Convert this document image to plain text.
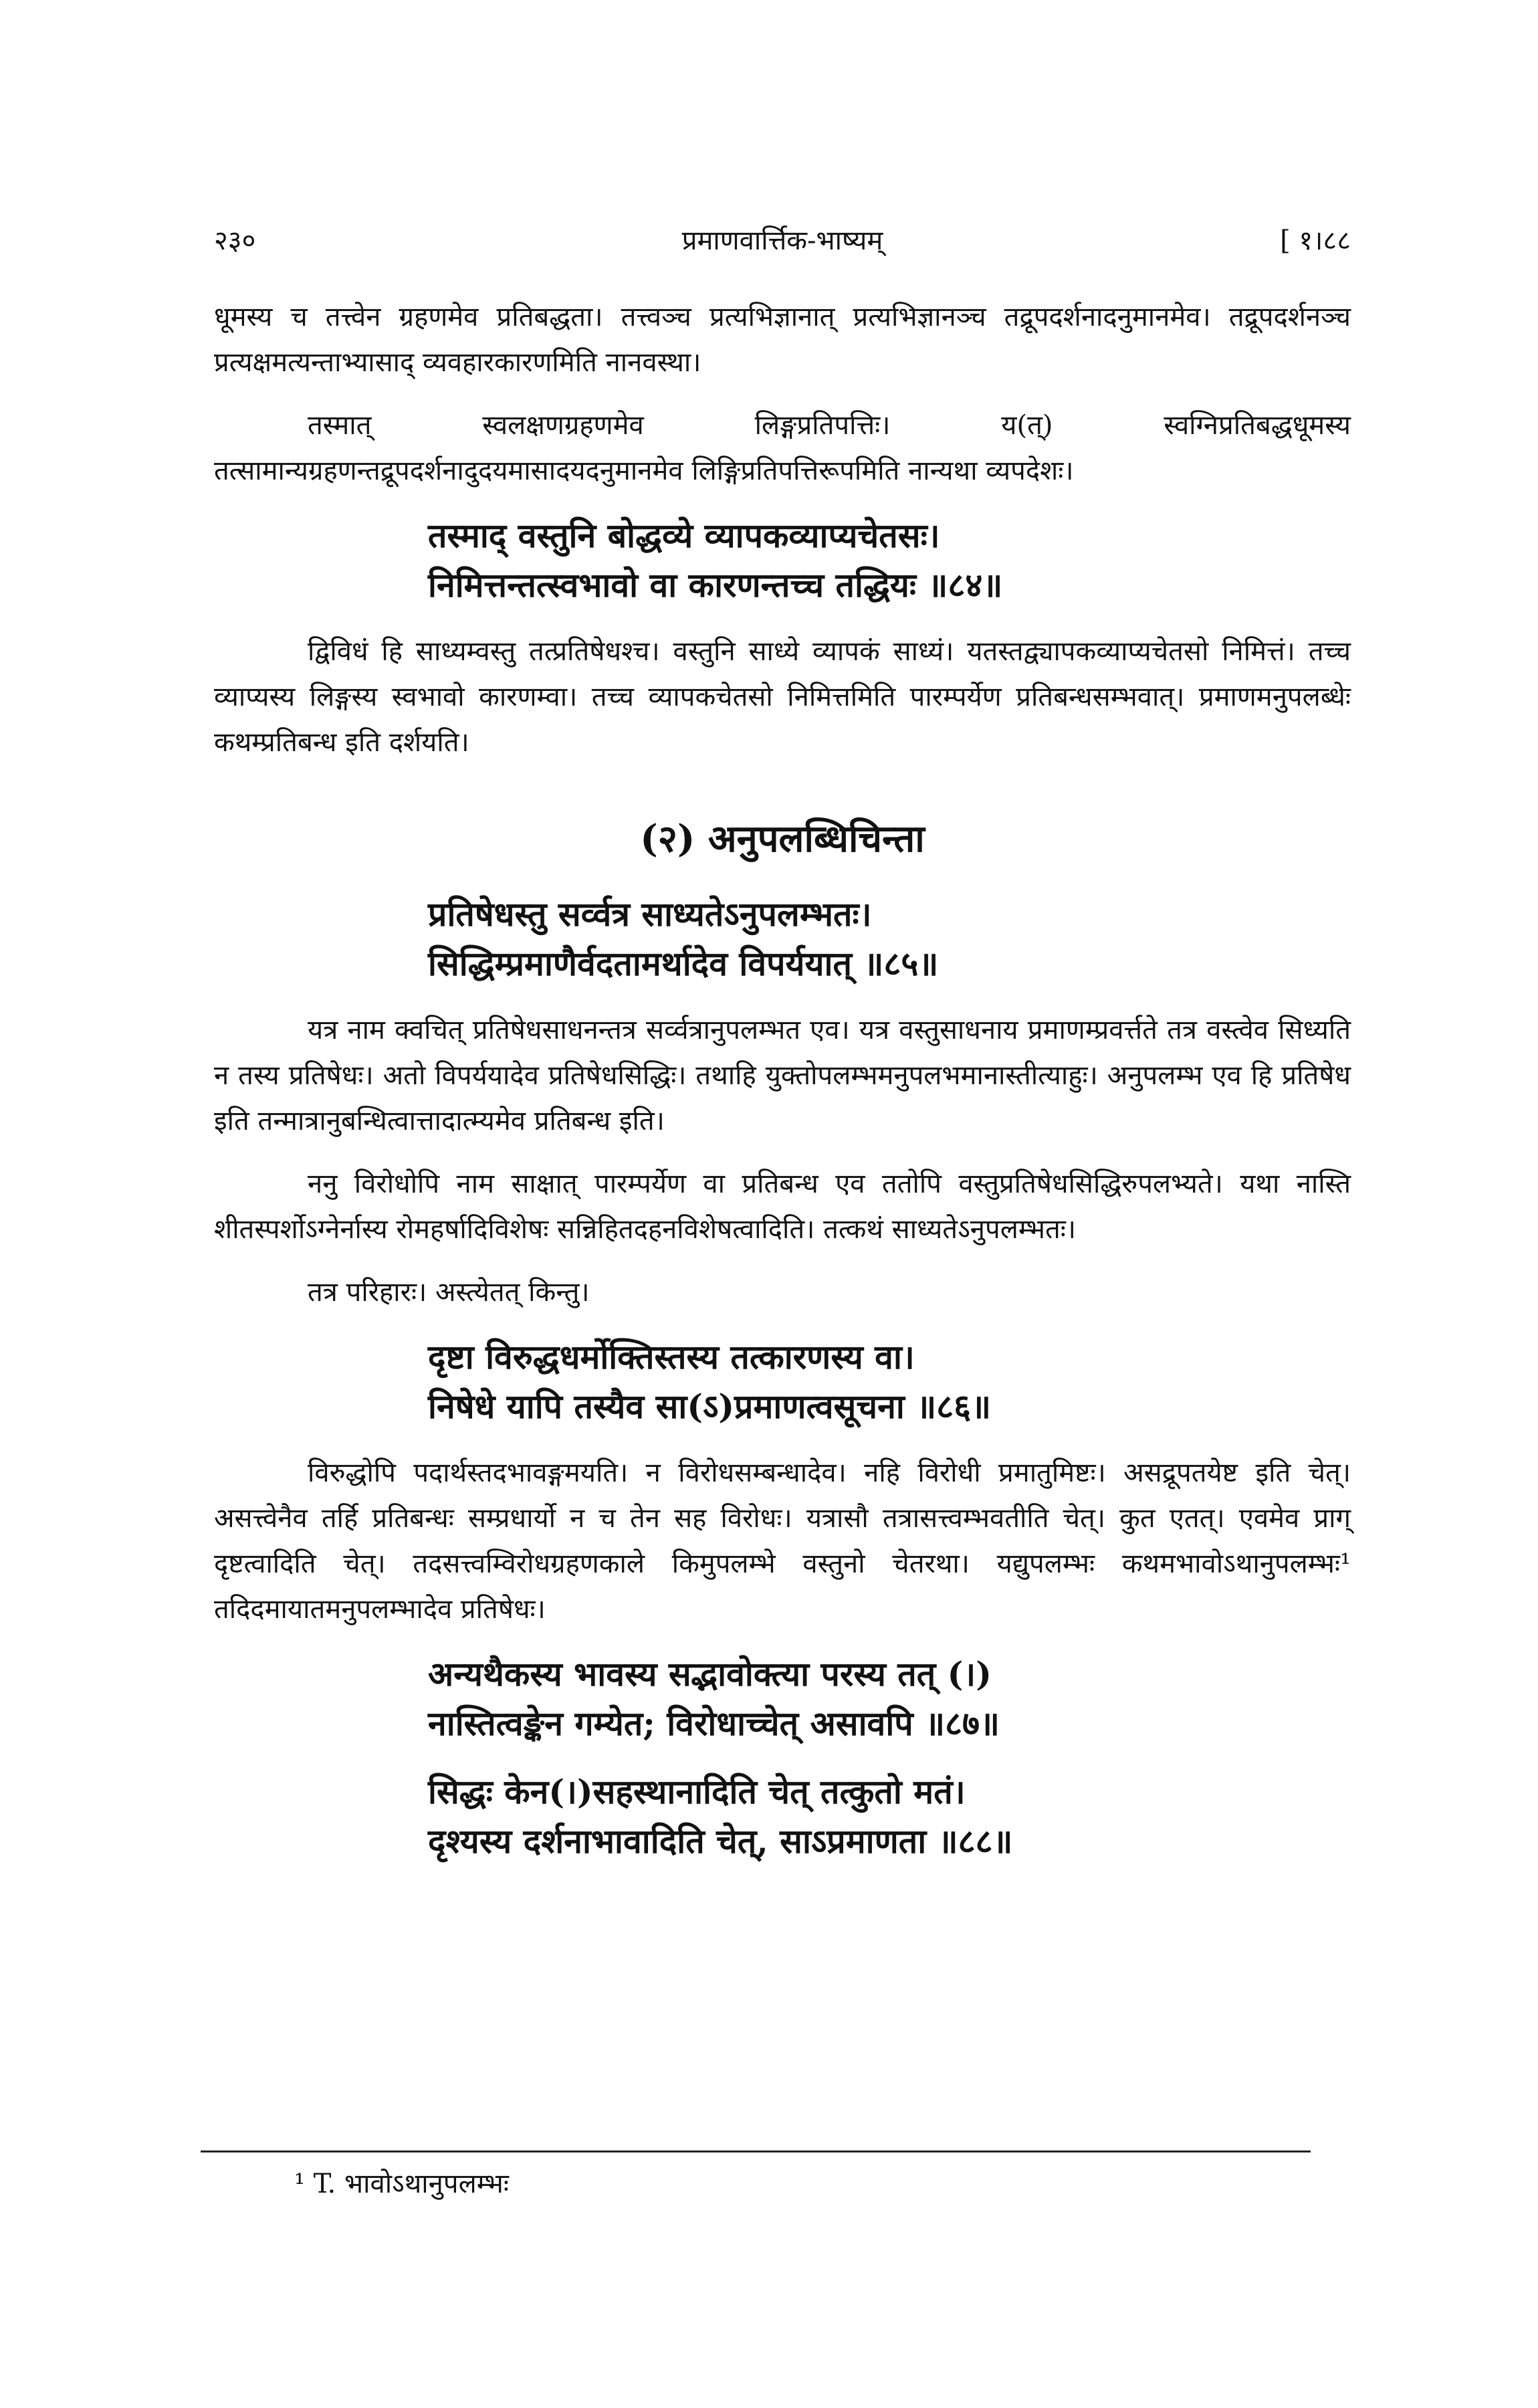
२३०	प्रमाणवार्त्तिक-भाष्यम्	[ १।८८

धूमस्य च तत्त्वेन ग्रहणमेव प्रतिबद्धता। तत्त्वञ्च प्रत्यभिज्ञानात् प्रत्यभिज्ञानञ्च तद्रूपदर्शनादनुमानमेव। तद्रूपदर्शनञ्च प्रत्यक्षमत्यन्ताभ्यासाद् व्यवहारकारणमिति नानवस्था।

तस्मात् स्वलक्षणग्रहणमेव लिङ्गप्रतिपत्तिः। य(त्) स्वग्निप्रतिबद्धधूमस्य तत्सामान्यग्रहणन्तद्रूपदर्शनादुदयमासादयदनुमानमेव लिङ्गिप्रतिपत्तिरूपमिति नान्यथा व्यपदेशः।

तस्माद् वस्तुनि बोद्धव्ये व्यापकव्याप्यचेतसः।
निमित्तन्तत्स्वभावो वा कारणन्तच्च तद्धियः ॥८४॥

द्विविधं हि साध्यम्वस्तु तत्प्रतिषेधश्च। वस्तुनि साध्ये व्यापकं साध्यं। यतस्तद्व्यापकव्याप्यचेतसो निमित्तं। तच्च व्याप्यस्य लिङ्गस्य स्वभावो कारणम्वा। तच्च व्यापकचेतसो निमित्तमिति पारम्पर्येण प्रतिबन्धसम्भवात्। प्रमाणमनुपलब्धेः कथम्प्रतिबन्ध इति दर्शयति।

(२) अनुपलब्धिचिन्ता
प्रतिषेधस्तु सर्व्वत्र साध्यतेऽनुपलम्भतः।
सिद्धिम्प्रमाणैर्वदतामर्थादेव विपर्ययात् ॥८५॥

यत्र नाम क्वचित् प्रतिषेधसाधनन्तत्र सर्व्वत्रानुपलम्भत एव। यत्र वस्तुसाधनाय प्रमाणम्प्रवर्त्तते तत्र वस्त्वेव सिध्यति न तस्य प्रतिषेधः। अतो विपर्ययादेव प्रतिषेधसिद्धिः। तथाहि युक्तोपलम्भमनुपलभमानास्तीत्याहुः। अनुपलम्भ एव हि प्रतिषेध इति तन्मात्रानुबन्धित्वात्तादात्म्यमेव प्रतिबन्ध इति।

ननु विरोधोपि नाम साक्षात् पारम्पर्येण वा प्रतिबन्ध एव ततोपि वस्तुप्रतिषेधसिद्धिरुपलभ्यते। यथा नास्ति शीतस्पर्शोऽग्नेर्नास्य रोमहर्षादिविशेषः सन्निहितदहनविशेषत्वादिति। तत्कथं साध्यतेऽनुपलम्भतः।

तत्र परिहारः। अस्त्येतत् किन्तु।

दृष्टा विरुद्धधर्मोक्तिस्तस्य तत्कारणस्य वा।
निषेधे यापि तस्यैव सा(ऽ)प्रमाणत्वसूचना ॥८६॥

विरुद्धोपि पदार्थस्तदभावङ्गमयति। न विरोधसम्बन्धादेव। नहि विरोधी प्रमातुमिष्टः। असद्रूपतयेष्ट इति चेत्। असत्त्वेनैव तर्हि प्रतिबन्धः सम्प्रधार्यो न च तेन सह विरोधः। यत्रासौ तत्रासत्त्वम्भवतीति चेत्। कुत एतत्। एवमेव प्राग् दृष्टत्वादिति चेत्। तदसत्त्वम्विरोधग्रहणकाले किमुपलम्भे वस्तुनो चेतरथा। यद्युपलम्भः कथमभावोऽथानुपलम्भः¹ तदिदमायातमनुपलम्भादेव प्रतिषेधः।

अन्यथैकस्य भावस्य सद्भावोक्त्या परस्य तत् (।)
नास्तित्वङ्केन गम्येत; विरोधाच्चेत् असावपि ॥८७॥
सिद्धः केन(।)सहस्थानादिति चेत् तत्कुतो मतं।
दृश्यस्य दर्शनाभावादिति चेत्, साऽप्रमाणता ॥८८॥
¹ T. भावोऽथानुपलम्भः
